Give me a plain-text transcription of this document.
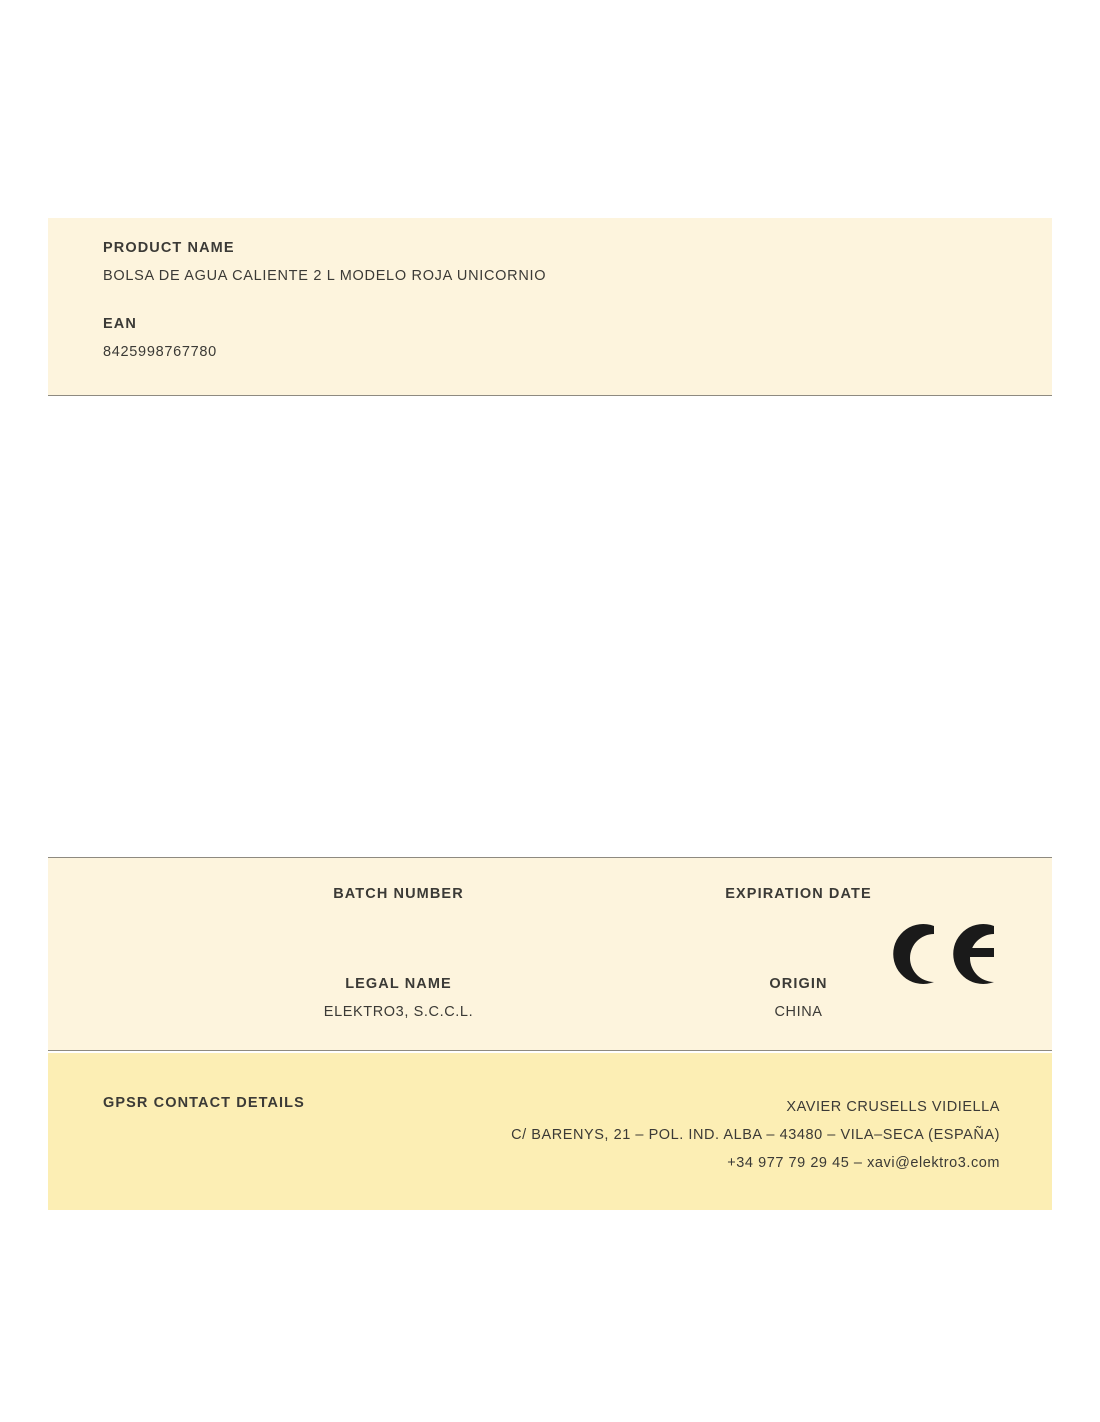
PRODUCT NAME
BOLSA DE AGUA CALIENTE 2 L MODELO ROJA UNICORNIO
EAN
8425998767780
BATCH NUMBER	EXPIRATION DATE
LEGAL NAME
ELEKTRO3, S.C.C.L.
ORIGIN
CHINA
GPSR CONTACT DETAILS	XAVIER CRUSELLS VIDIELLA
C/ BARENYS, 21 – POL. IND. ALBA – 43480 – VILA–SECA (ESPAÑA)
+34 977 79 29 45 – xavi@elektro3.com
